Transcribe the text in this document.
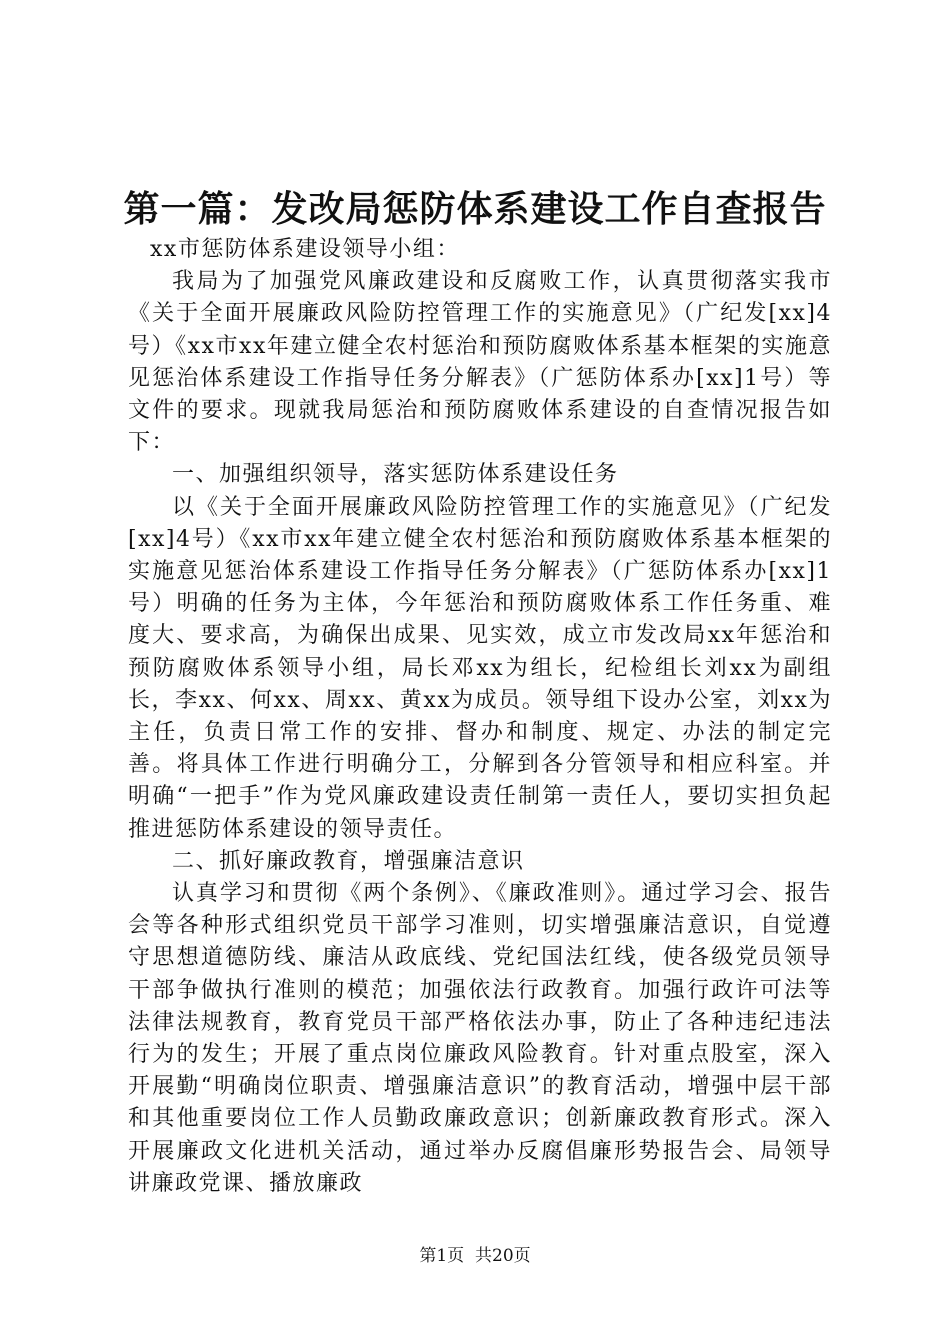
第一篇：发改局惩防体系建设工作自查报告

xx市惩防体系建设领导小组：

我局为了加强党风廉政建设和反腐败工作，认真贯彻落实我市《关于全面开展廉政风险防控管理工作的实施意见》（广纪发[xx]4号）《xx市xx年建立健全农村惩治和预防腐败体系基本框架的实施意见惩治体系建设工作指导任务分解表》（广惩防体系办[xx]1号）等文件的要求。现就我局惩治和预防腐败体系建设的自查情况报告如下：

一、加强组织领导，落实惩防体系建设任务

以《关于全面开展廉政风险防控管理工作的实施意见》（广纪发[xx]4号）《xx市xx年建立健全农村惩治和预防腐败体系基本框架的实施意见惩治体系建设工作指导任务分解表》（广惩防体系办[xx]1号）明确的任务为主体，今年惩治和预防腐败体系工作任务重、难度大、要求高，为确保出成果、见实效，成立市发改局xx年惩治和预防腐败体系领导小组，局长邓xx为组长，纪检组长刘xx为副组长，李xx、何xx、周xx、黄xx为成员。领导组下设办公室，刘xx为主任，负责日常工作的安排、督办和制度、规定、办法的制定完善。将具体工作进行明确分工，分解到各分管领导和相应科室。并明确“一把手”作为党风廉政建设责任制第一责任人，要切实担负起推进惩防体系建设的领导责任。

二、抓好廉政教育，增强廉洁意识

认真学习和贯彻《两个条例》、《廉政准则》。通过学习会、报告会等各种形式组织党员干部学习准则，切实增强廉洁意识，自觉遵守思想道德防线、廉洁从政底线、党纪国法红线，使各级党员领导干部争做执行准则的模范；加强依法行政教育。加强行政许可法等法律法规教育，教育党员干部严格依法办事，防止了各种违纪违法行为的发生；开展了重点岗位廉政风险教育。针对重点股室，深入开展勤“明确岗位职责、增强廉洁意识”的教育活动，增强中层干部和其他重要岗位工作人员勤政廉政意识；创新廉政教育形式。深入开展廉政文化进机关活动，通过举办反腐倡廉形势报告会、局领导讲廉政党课、播放廉政

第1页 共20页
